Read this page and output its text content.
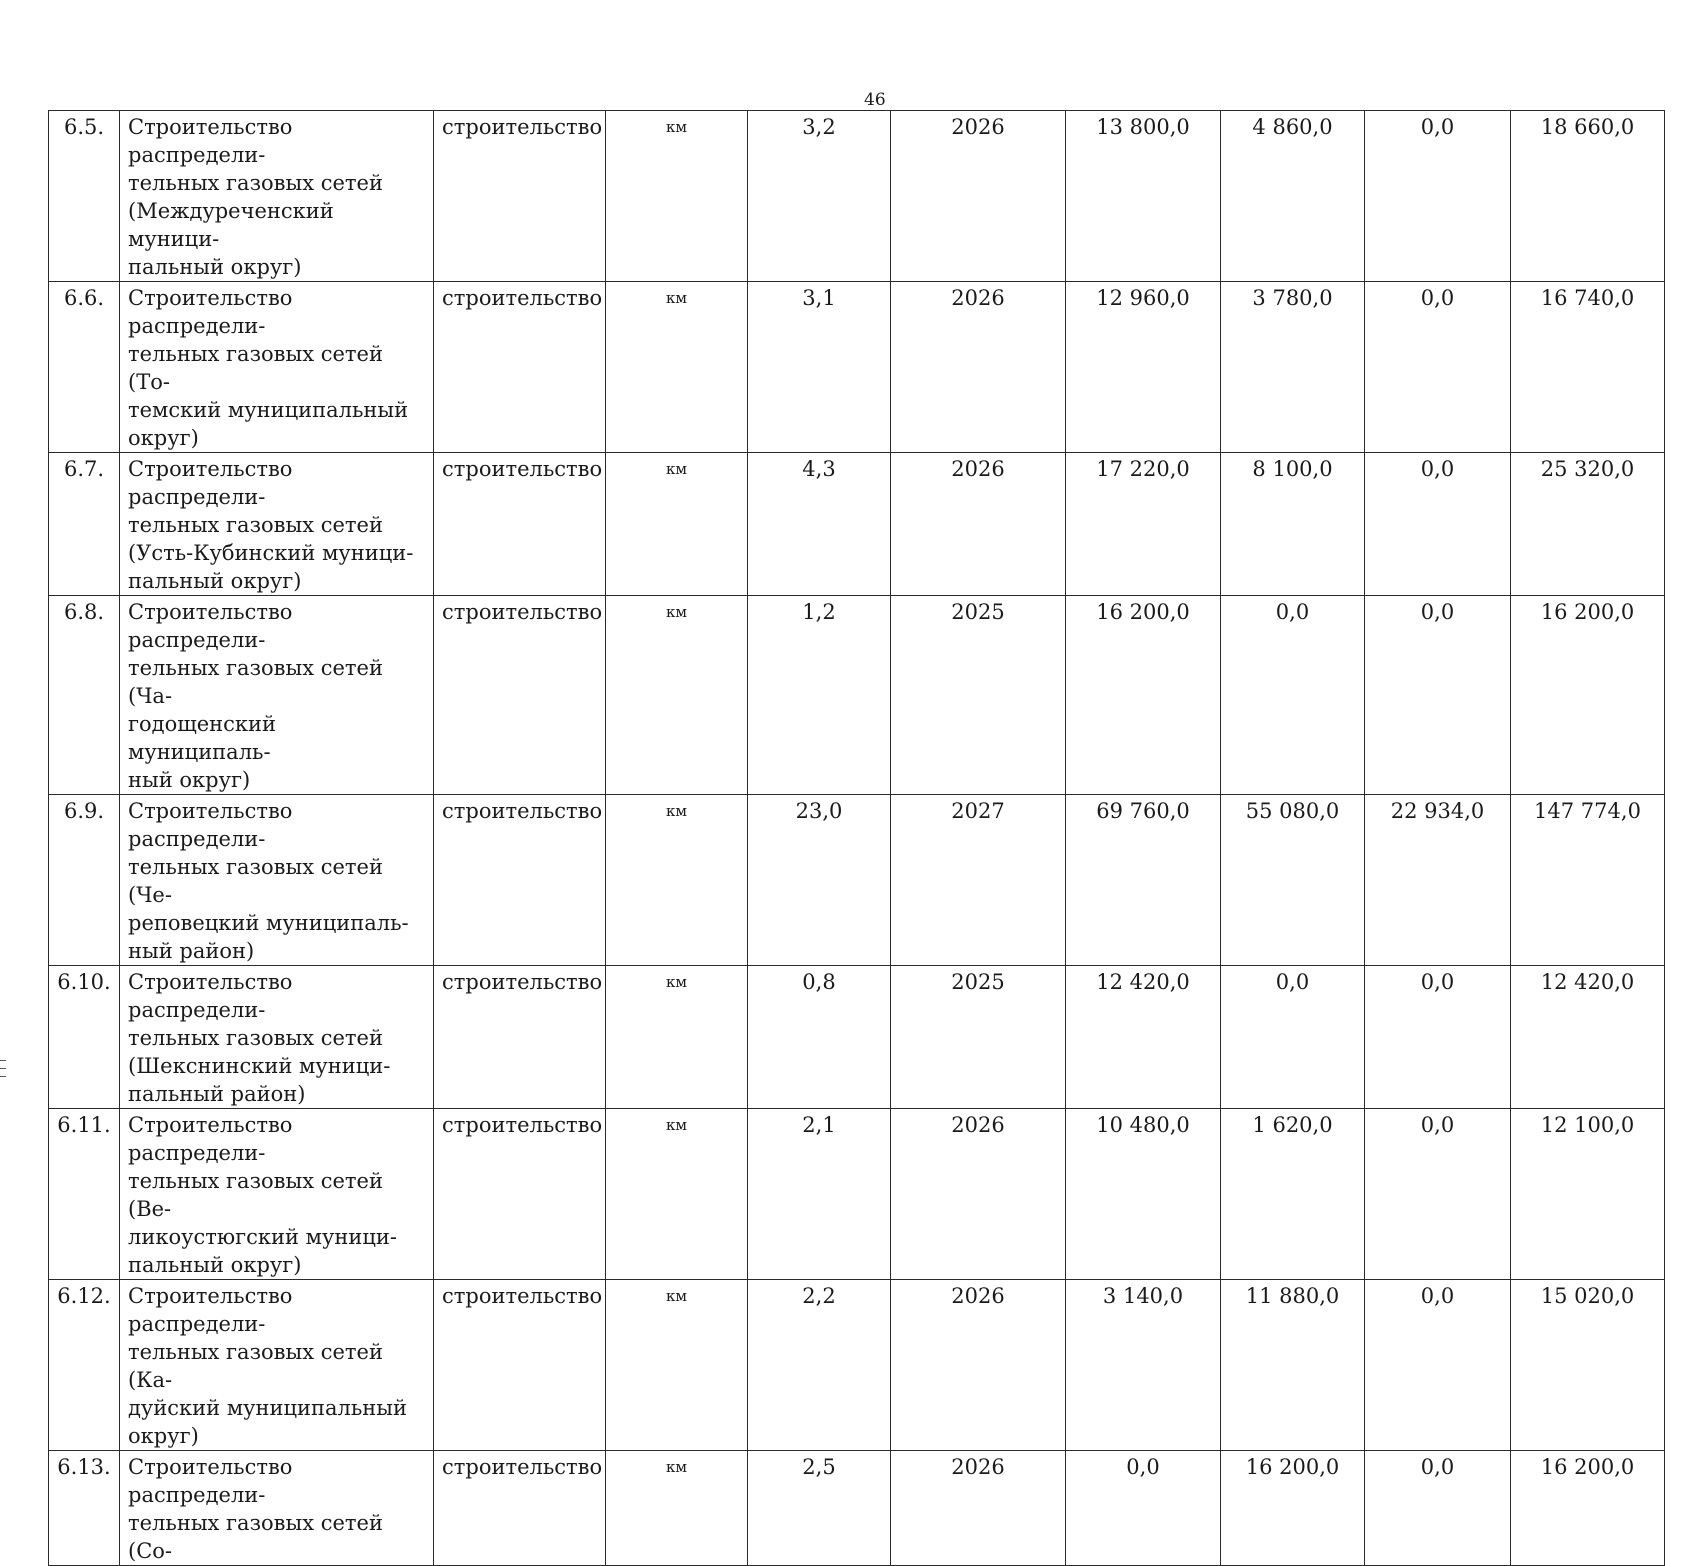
46
6.5.	Строительство распредели-
тельных газовых сетей
(Междуреченский муници-
пальный округ)	строительство	км	3,2	2026	13 800,0	4 860,0	0,0	18 660,0
6.6.	Строительство распредели-
тельных газовых сетей (То-
темский муниципальный
округ)	строительство	км	3,1	2026	12 960,0	3 780,0	0,0	16 740,0
6.7.	Строительство распредели-
тельных газовых сетей
(Усть-Кубинский муници-
пальный округ)	строительство	км	4,3	2026	17 220,0	8 100,0	0,0	25 320,0
6.8.	Строительство распредели-
тельных газовых сетей (Ча-
годощенский муниципаль-
ный округ)	строительство	км	1,2	2025	16 200,0	0,0	0,0	16 200,0
6.9.	Строительство распредели-
тельных газовых сетей (Че-
реповецкий муниципаль-
ный район)	строительство	км	23,0	2027	69 760,0	55 080,0	22 934,0	147 774,0
6.10.	Строительство распредели-
тельных газовых сетей
(Шекснинский муници-
пальный район)	строительство	км	0,8	2025	12 420,0	0,0	0,0	12 420,0
6.11.	Строительство распредели-
тельных газовых сетей (Ве-
ликоустюгский муници-
пальный округ)	строительство	км	2,1	2026	10 480,0	1 620,0	0,0	12 100,0
6.12.	Строительство распредели-
тельных газовых сетей (Ка-
дуйский муниципальный
округ)	строительство	км	2,2	2026	3 140,0	11 880,0	0,0	15 020,0
6.13.	Строительство распредели-
тельных газовых сетей (Со-	строительство	км	2,5	2026	0,0	16 200,0	0,0	16 200,0
